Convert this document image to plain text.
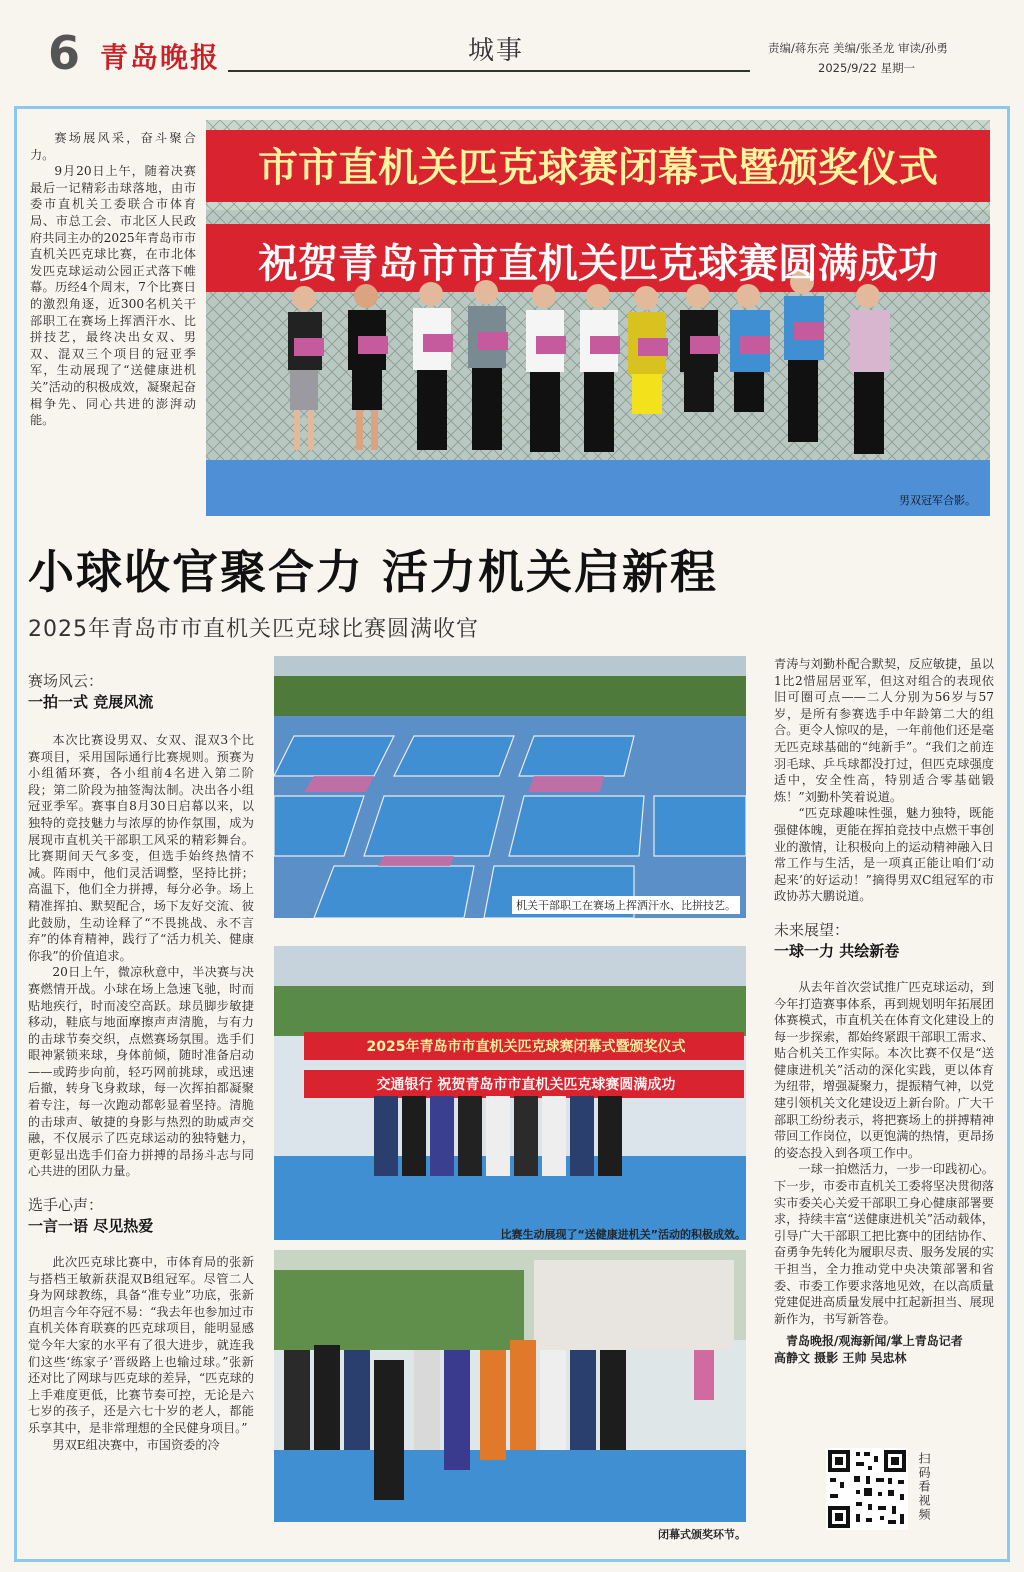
6 青岛晚报	城事	责编/蒋东亮 美编/张圣龙 审读/孙勇
2025/9/22 星期一

赛场展风采，奋斗聚合力。

9月20日上午，随着决赛最后一记精彩击球落地，由市委市直机关工委联合市体育局、市总工会、市北区人民政府共同主办的2025年青岛市市直机关匹克球比赛，在市北体发匹克球运动公园正式落下帷幕。历经4个周末，7个比赛日的激烈角逐，近300名机关干部职工在赛场上挥洒汗水、比拼技艺，最终决出女双、男双、混双三个项目的冠亚季军，生动展现了“送健康进机关”活动的积极成效，凝聚起奋楫争先、同心共进的澎湃动能。

市市直机关匹克球赛闭幕式暨颁奖仪式
祝贺青岛市市直机关匹克球赛圆满成功
男双冠军合影。
小球收官聚合力 活力机关启新程
2025年青岛市市直机关匹克球比赛圆满收官
赛场风云：
一拍一式 竞展风流

本次比赛设男双、女双、混双3个比赛项目，采用国际通行比赛规则。预赛为小组循环赛，各小组前4名进入第二阶段；第二阶段为抽签淘汰制。决出各小组冠亚季军。赛事自8月30日启幕以来，以独特的竞技魅力与浓厚的协作氛围，成为展现市直机关干部职工风采的精彩舞台。比赛期间天气多变，但选手始终热情不减。阵雨中，他们灵活调整，坚持比拼；高温下，他们全力拼搏，每分必争。场上精准挥拍、默契配合，场下友好交流、彼此鼓励，生动诠释了“不畏挑战、永不言弃”的体育精神，践行了“活力机关、健康你我”的价值追求。

20日上午，微凉秋意中，半决赛与决赛燃情开战。小球在场上急速飞驰，时而贴地疾行，时而凌空高跃。球员脚步敏捷移动，鞋底与地面摩擦声声清脆，与有力的击球节奏交织，点燃赛场氛围。选手们眼神紧锁来球，身体前倾，随时准备启动——或跨步向前，轻巧网前挑球，或迅速后撤，转身飞身救球，每一次挥拍都凝聚着专注，每一次跑动都彰显着坚持。清脆的击球声、敏捷的身影与热烈的助威声交融，不仅展示了匹克球运动的独特魅力，更彰显出选手们奋力拼搏的昂扬斗志与同心共进的团队力量。

选手心声：
一言一语 尽见热爱

此次匹克球比赛中，市体育局的张新与搭档王敏新获混双B组冠军。尽管二人身为网球教练，具备“准专业”功底，张新仍坦言今年夺冠不易：“我去年也参加过市直机关体育联赛的匹克球项目，能明显感觉今年大家的水平有了很大进步，就连我们这些‘练家子’晋级路上也输过球。”张新还对比了网球与匹克球的差异，“匹克球的上手难度更低，比赛节奏可控，无论是六七岁的孩子，还是六七十岁的老人，都能乐享其中，是非常理想的全民健身项目。”

男双E组决赛中，市国资委的冷

机关干部职工在赛场上挥洒汗水、比拼技艺。
2025年青岛市市直机关匹克球赛闭幕式暨颁奖仪式
交通银行 祝贺青岛市市直机关匹克球赛圆满成功
比赛生动展现了“送健康进机关”活动的积极成效。
闭幕式颁奖环节。

青涛与刘勤朴配合默契，反应敏捷，虽以1比2惜屈居亚军，但这对组合的表现依旧可圈可点——二人分别为56岁与57岁，是所有参赛选手中年龄第二大的组合。更令人惊叹的是，一年前他们还是毫无匹克球基础的“纯新手”。“我们之前连羽毛球、乒乓球都没打过，但匹克球强度适中，安全性高，特别适合零基础锻炼！”刘勤朴笑着说道。

“匹克球趣味性强，魅力独特，既能强健体魄，更能在挥拍竞技中点燃干事创业的激情，让积极向上的运动精神融入日常工作与生活，是一项真正能让咱们‘动起来’的好运动！”摘得男双C组冠军的市政协苏大鹏说道。

未来展望：
一球一力 共绘新卷

从去年首次尝试推广匹克球运动，到今年打造赛事体系，再到规划明年拓展团体赛模式，市直机关在体育文化建设上的每一步探索，都始终紧跟干部职工需求、贴合机关工作实际。本次比赛不仅是“送健康进机关”活动的深化实践，更以体育为纽带，增强凝聚力，提振精气神，以党建引领机关文化建设迈上新台阶。广大干部职工纷纷表示，将把赛场上的拼搏精神带回工作岗位，以更饱满的热情，更昂扬的姿态投入到各项工作中。

一球一拍燃活力，一步一印践初心。下一步，市委市直机关工委将坚决贯彻落实市委关心关爱干部职工身心健康部署要求，持续丰富“送健康进机关”活动载体，引导广大干部职工把比赛中的团结协作、奋勇争先转化为履职尽责、服务发展的实干担当，全力推动党中央决策部署和省委、市委工作要求落地见效，在以高质量党建促进高质量发展中扛起新担当、展现新作为，书写新答卷。

青岛晚报/观海新闻/掌上青岛记者
高静文 摄影 王帅 吴忠林
扫码看视频
